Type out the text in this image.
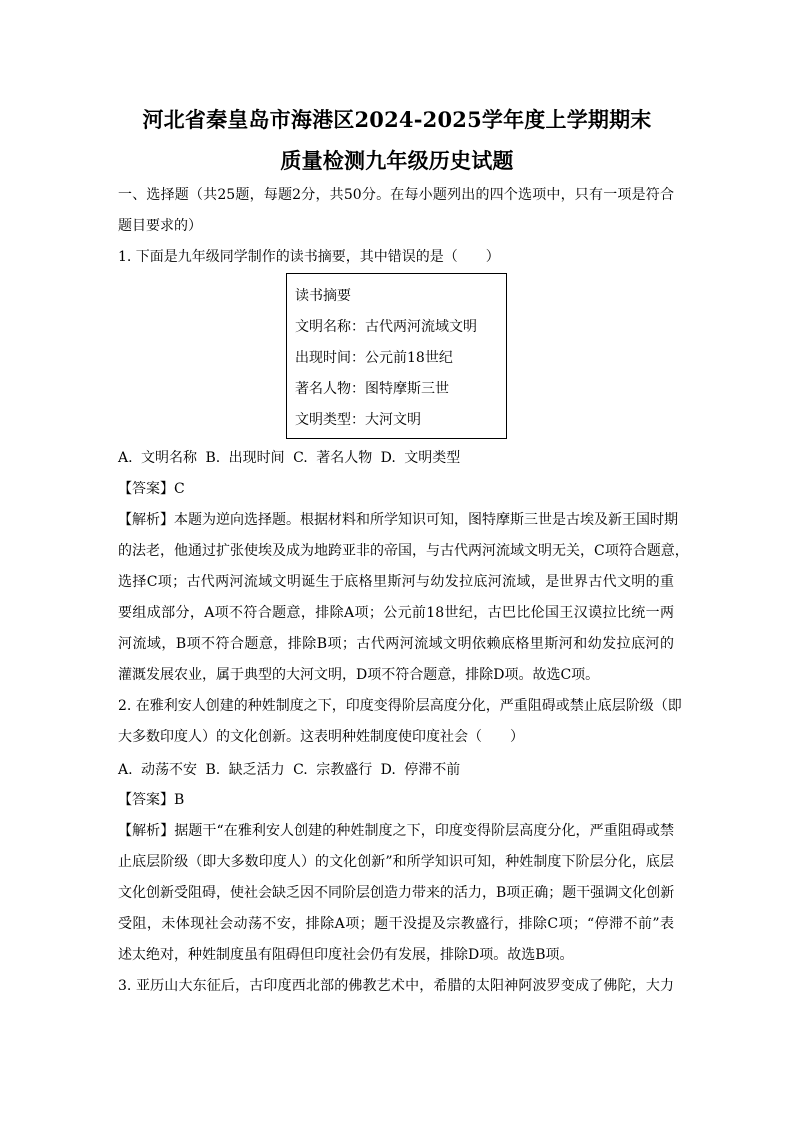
河北省秦皇岛市海港区2024-2025学年度上学期期末
质量检测九年级历史试题
一、选择题（共25题，每题2分，共50分。在每小题列出的四个选项中，只有一项是符合
题目要求的）
1. 下面是九年级同学制作的读书摘要，其中错误的是（　　）
读书摘要
文明名称：古代两河流域文明
出现时间：公元前18世纪
著名人物：图特摩斯三世
文明类型：大河文明
A. 文明名称 B. 出现时间 C. 著名人物 D. 文明类型
【答案】C
【解析】本题为逆向选择题。根据材料和所学知识可知，图特摩斯三世是古埃及新王国时期
的法老，他通过扩张使埃及成为地跨亚非的帝国，与古代两河流域文明无关，C项符合题意，
选择C项；古代两河流域文明诞生于底格里斯河与幼发拉底河流域，是世界古代文明的重
要组成部分，A项不符合题意，排除A项；公元前18世纪，古巴比伦国王汉谟拉比统一两
河流域，B项不符合题意，排除B项；古代两河流域文明依赖底格里斯河和幼发拉底河的
灌溉发展农业，属于典型的大河文明，D项不符合题意，排除D项。故选C项。
2. 在雅利安人创建的种姓制度之下，印度变得阶层高度分化，严重阻碍或禁止底层阶级（即
大多数印度人）的文化创新。这表明种姓制度使印度社会（　　）
A. 动荡不安 B. 缺乏活力 C. 宗教盛行 D. 停滞不前
【答案】B
【解析】据题干“在雅利安人创建的种姓制度之下，印度变得阶层高度分化，严重阻碍或禁
止底层阶级（即大多数印度人）的文化创新”和所学知识可知，种姓制度下阶层分化，底层
文化创新受阻碍，使社会缺乏因不同阶层创造力带来的活力，B项正确；题干强调文化创新
受阻，未体现社会动荡不安，排除A项；题干没提及宗教盛行，排除C项；“停滞不前”表
述太绝对，种姓制度虽有阻碍但印度社会仍有发展，排除D项。故选B项。
3. 亚历山大东征后，古印度西北部的佛教艺术中，希腊的太阳神阿波罗变成了佛陀，大力
